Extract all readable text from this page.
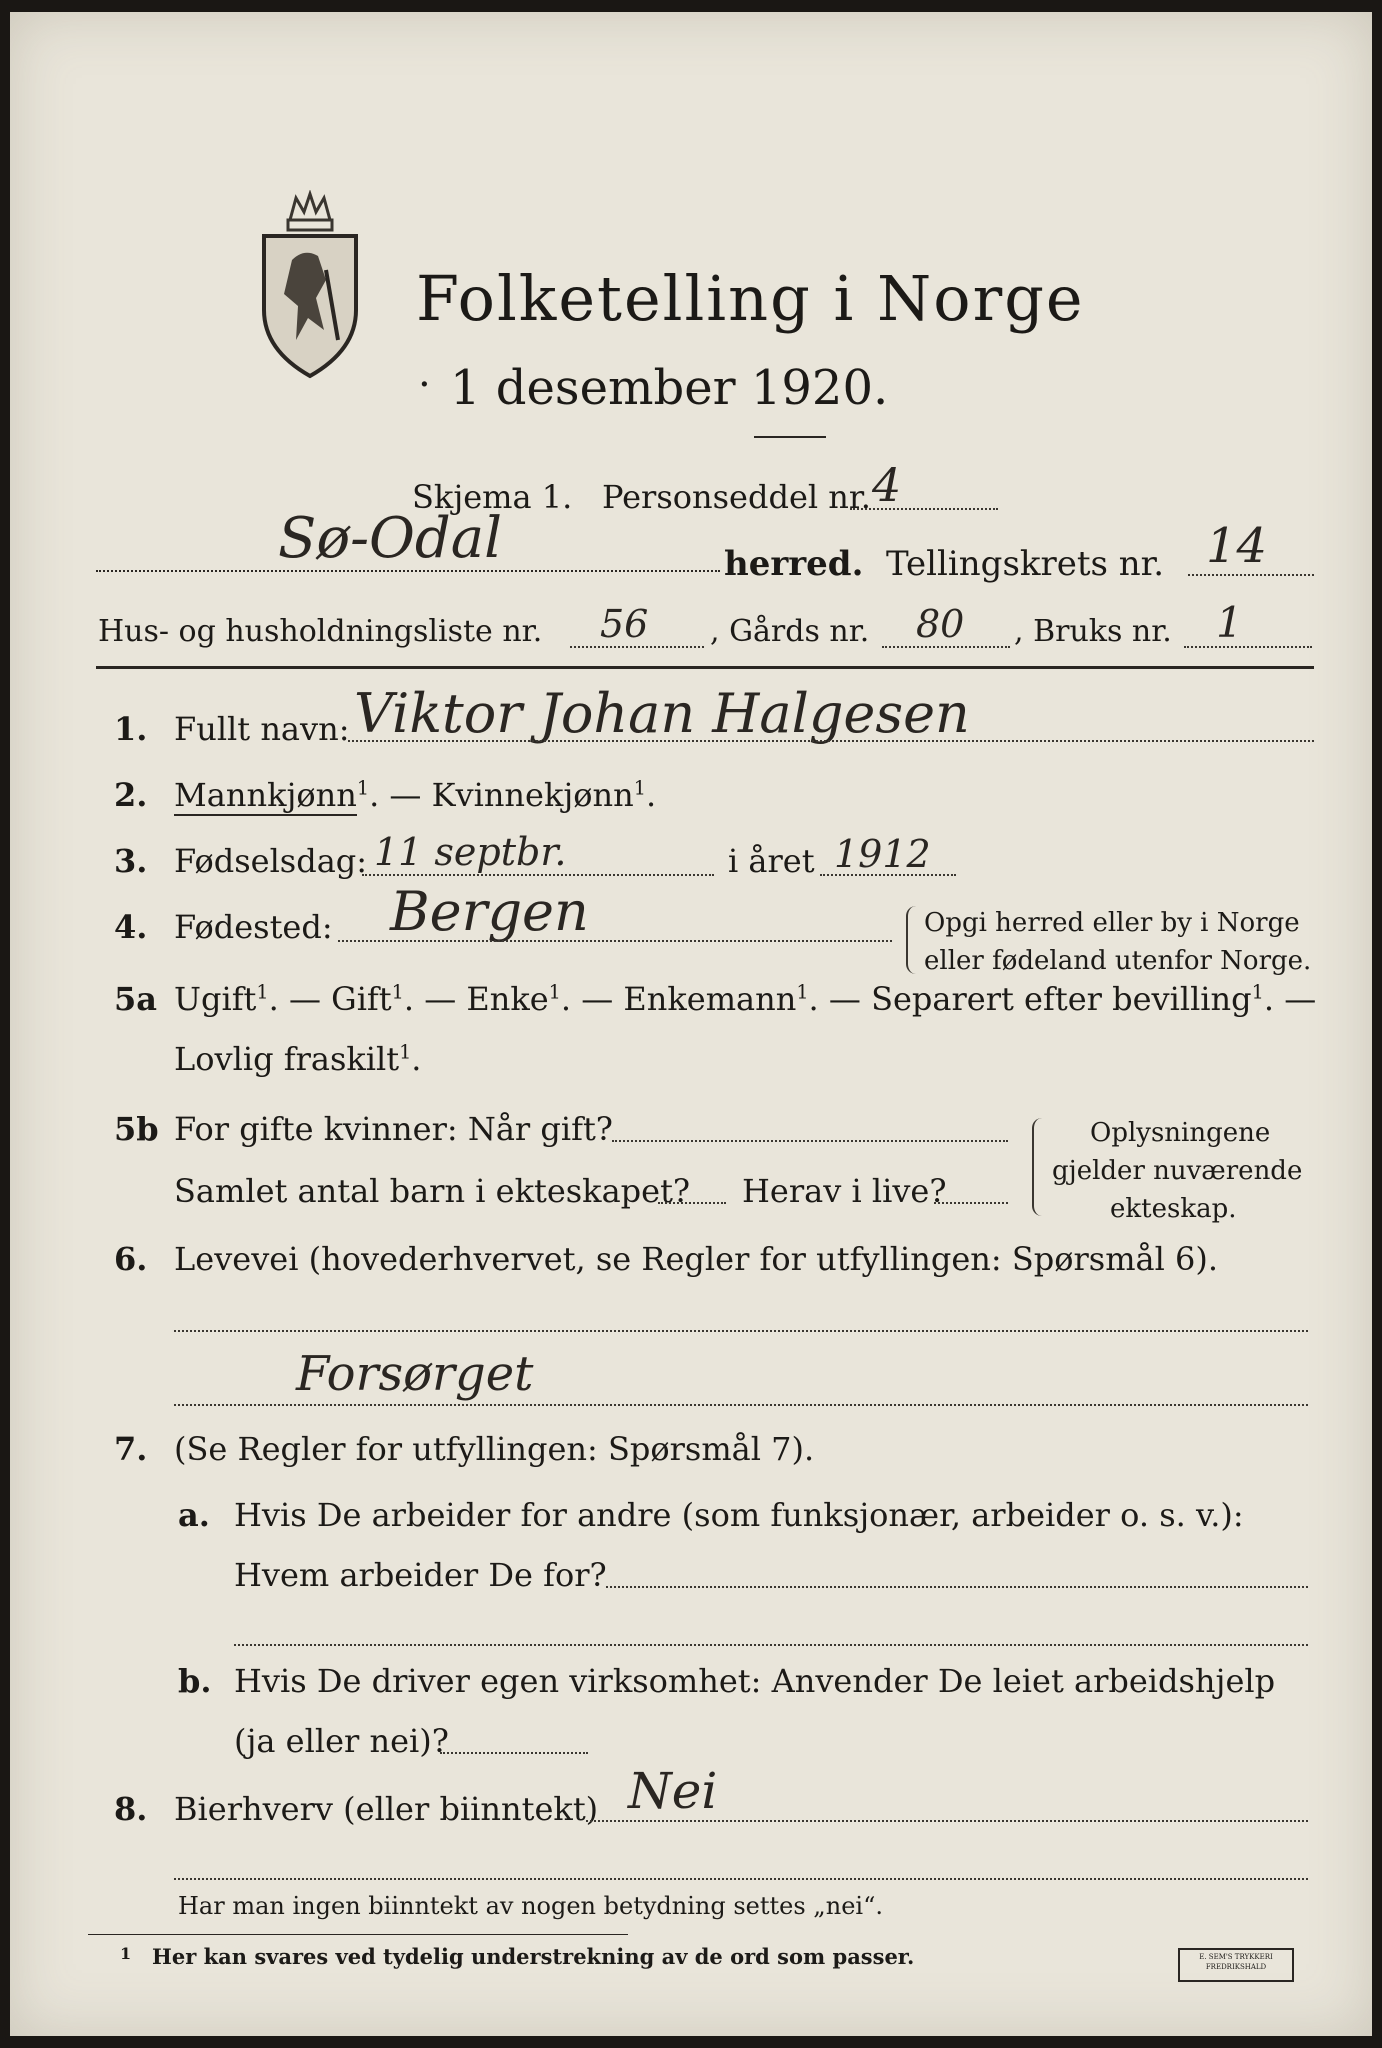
Folketelling i Norge
. 1 desember 1920.
Skjema 1. Personseddel nr. 4
Sø-Odal	herred. Tellingskrets nr. 14
Hus- og husholdningsliste nr. 56 , Gårds nr. 80 , Bruks nr. 1
1. Fullt navn: Viktor Johan Halgesen
2. Mannkjønn$^1$. — Kvinnekjønn$^1$.
3. Fødselsdag: 11 septbr.	i året 1912
4. Fødested: Bergen	Opgi herred eller by i Norge
eller fødeland utenfor Norge.
5a Ugift$^1$. — Gift$^1$. — Enke$^1$. — Enkemann$^1$. — Separert efter bevilling$^1$. —
Lovlig fraskilt$^1$.
5b For gifte kvinner: Når gift?
Samlet antal barn i ekteskapet? Herav i live?
Oplysningene
gjelder nuværende
ekteskap.
6. Levevei (hovederhvervet, se Regler for utfyllingen: Spørsmål 6).
Forsørget
7. (Se Regler for utfyllingen: Spørsmål 7).
a. Hvis De arbeider for andre (som funksjonær, arbeider o. s. v.):
Hvem arbeider De for?
b. Hvis De driver egen virksomhet: Anvender De leiet arbeidshjelp
(ja eller nei)?
8. Bierhverv (eller biinntekt) Nei
Har man ingen biinntekt av nogen betydning settes „nei“.
1 Her kan svares ved tydelig understrekning av de ord som passer.	E. SEM'S TRYKKERI FREDRIKSHALD
